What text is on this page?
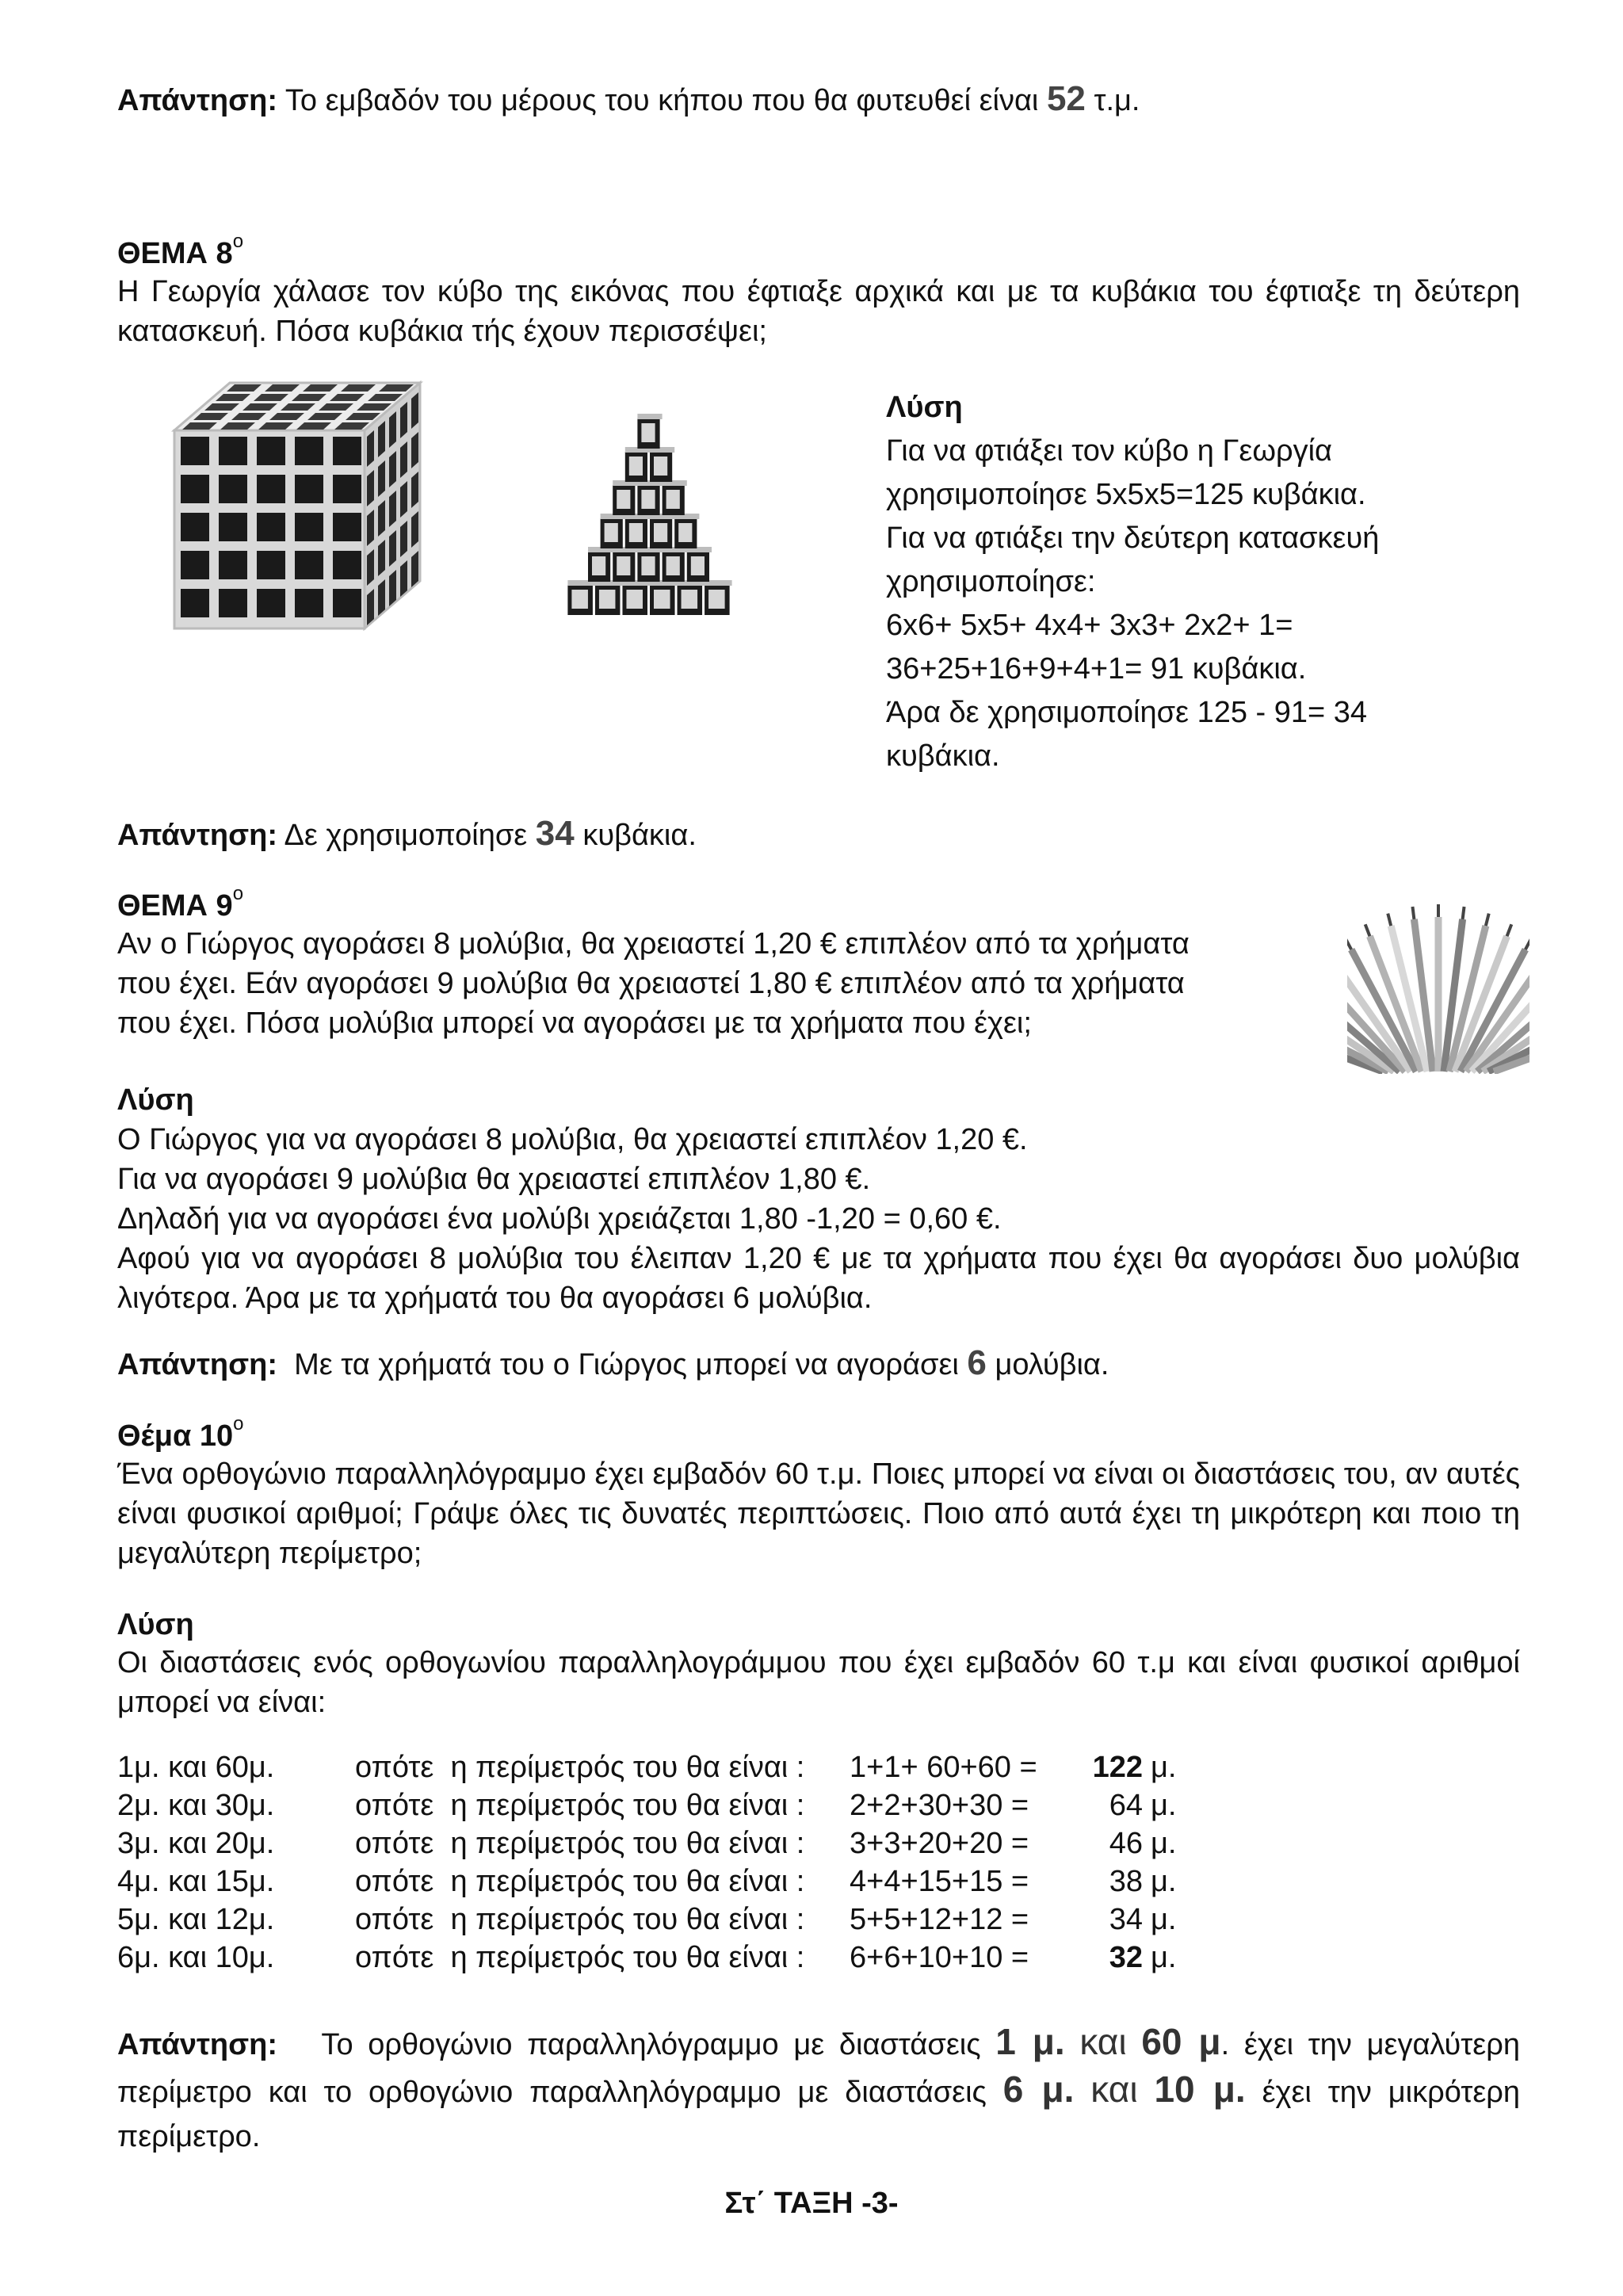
Απάντηση: Το εμβαδόν του μέρους του κήπου που θα φυτευθεί είναι 52 τ.μ.
ΘΕΜΑ $8^o$
Η Γεωργία χάλασε τον κύβο της εικόνας που έφτιαξε αρχικά και με τα κυβάκια του έφτιαξε τη δεύτερη κατασκευή. Πόσα κυβάκια τής έχουν περισσέψει;
Λύση
Για να φτιάξει τον κύβο η Γεωργία
χρησιμοποίησε 5x5x5=125 κυβάκια.
Για να φτιάξει την δεύτερη κατασκευή
χρησιμοποίησε:
6x6+ 5x5+ 4x4+ 3x3+ 2x2+ 1=
36+25+16+9+4+1= 91 κυβάκια.
Άρα δε χρησιμοποίησε 125 - 91= 34
κυβάκια.
Απάντηση: Δε χρησιμοποίησε 34 κυβάκια.
ΘΕΜΑ $9^o$
Αν ο Γιώργος αγοράσει 8 μολύβια, θα χρειαστεί 1,20 € επιπλέον από τα χρήματα
που έχει. Εάν αγοράσει 9 μολύβια θα χρειαστεί 1,80 € επιπλέον από τα χρήματα
που έχει. Πόσα μολύβια μπορεί να αγοράσει με τα χρήματα που έχει;
Λύση
Ο Γιώργος για να αγοράσει 8 μολύβια, θα χρειαστεί επιπλέον 1,20 €.
Για να αγοράσει 9 μολύβια θα χρειαστεί επιπλέον 1,80 €.
Δηλαδή για να αγοράσει ένα μολύβι χρειάζεται 1,80 -1,20 = 0,60 €.
Αφού για να αγοράσει 8 μολύβια του έλειπαν 1,20 € με τα χρήματα που έχει θα αγοράσει δυο μολύβια λιγότερα. Άρα με τα χρήματά του θα αγοράσει 6 μολύβια.
Απάντηση: Με τα χρήματά του ο Γιώργος μπορεί να αγοράσει 6 μολύβια.
Θέμα $10^o$
Ένα ορθογώνιο παραλληλόγραμμο έχει εμβαδόν 60 τ.μ. Ποιες μπορεί να είναι οι διαστάσεις του, αν αυτές είναι φυσικοί αριθμοί; Γράψε όλες τις δυνατές περιπτώσεις. Ποιο από αυτά έχει τη μικρότερη και ποιο τη μεγαλύτερη περίμετρο;
Λύση
Οι διαστάσεις ενός ορθογωνίου παραλληλογράμμου που έχει εμβαδόν 60 τ.μ και είναι φυσικοί αριθμοί μπορεί να είναι:
1μ. και 60μ.	οπότε  η περίμετρός του θα είναι :	1+1+ 60+60 =	122	μ.
2μ. και 30μ.	οπότε  η περίμετρός του θα είναι :	2+2+30+30 =	64	μ.
3μ. και 20μ.	οπότε  η περίμετρός του θα είναι :	3+3+20+20 =	46	μ.
4μ. και 15μ.	οπότε  η περίμετρός του θα είναι :	4+4+15+15 =	38	μ.
5μ. και 12μ.	οπότε  η περίμετρός του θα είναι :	5+5+12+12 =	34	μ.
6μ. και 10μ.	οπότε  η περίμετρός του θα είναι :	6+6+10+10 =	32	μ.
Απάντηση: Το ορθογώνιο παραλληλόγραμμο με διαστάσεις 1 μ. και 60 μ. έχει την μεγαλύτερη περίμετρο και το ορθογώνιο παραλληλόγραμμο με διαστάσεις 6 μ. και 10 μ. έχει την μικρότερη περίμετρο.
Στ΄ ΤΑΞΗ -3-
